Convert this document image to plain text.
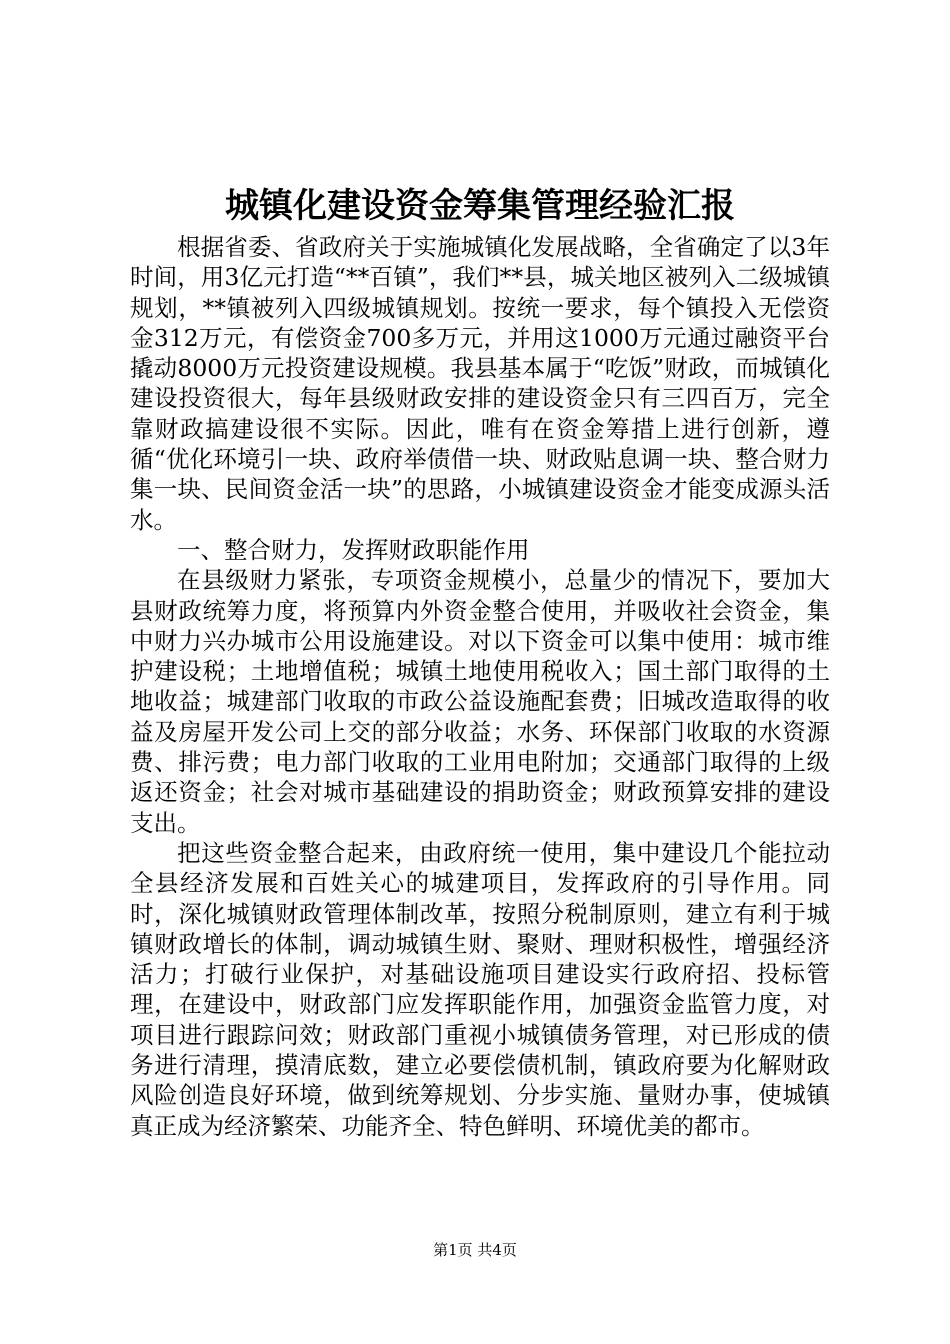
城镇化建设资金筹集管理经验汇报

根据省委、省政府关于实施城镇化发展战略，全省确定了以3年时间，用3亿元打造“**百镇”，我们**县，城关地区被列入二级城镇规划，**镇被列入四级城镇规划。按统一要求，每个镇投入无偿资金312万元，有偿资金700多万元，并用这1000万元通过融资平台撬动8000万元投资建设规模。我县基本属于“吃饭”财政，而城镇化建设投资很大，每年县级财政安排的建设资金只有三四百万，完全靠财政搞建设很不实际。因此，唯有在资金筹措上进行创新，遵循“优化环境引一块、政府举债借一块、财政贴息调一块、整合财力集一块、民间资金活一块”的思路，小城镇建设资金才能变成源头活水。

一、整合财力，发挥财政职能作用

在县级财力紧张，专项资金规模小，总量少的情况下，要加大县财政统筹力度，将预算内外资金整合使用，并吸收社会资金，集中财力兴办城市公用设施建设。对以下资金可以集中使用：城市维护建设税；土地增值税；城镇土地使用税收入；国土部门取得的土地收益；城建部门收取的市政公益设施配套费；旧城改造取得的收益及房屋开发公司上交的部分收益；水务、环保部门收取的水资源费、排污费；电力部门收取的工业用电附加；交通部门取得的上级返还资金；社会对城市基础建设的捐助资金；财政预算安排的建设支出。

把这些资金整合起来，由政府统一使用，集中建设几个能拉动全县经济发展和百姓关心的城建项目，发挥政府的引导作用。同时，深化城镇财政管理体制改革，按照分税制原则，建立有利于城镇财政增长的体制，调动城镇生财、聚财、理财积极性，增强经济活力；打破行业保护，对基础设施项目建设实行政府招、投标管理，在建设中，财政部门应发挥职能作用，加强资金监管力度，对项目进行跟踪问效；财政部门重视小城镇债务管理，对已形成的债务进行清理，摸清底数，建立必要偿债机制，镇政府要为化解财政风险创造良好环境，做到统筹规划、分步实施、量财办事，使城镇真正成为经济繁荣、功能齐全、特色鲜明、环境优美的都市。

第1页 共4页
